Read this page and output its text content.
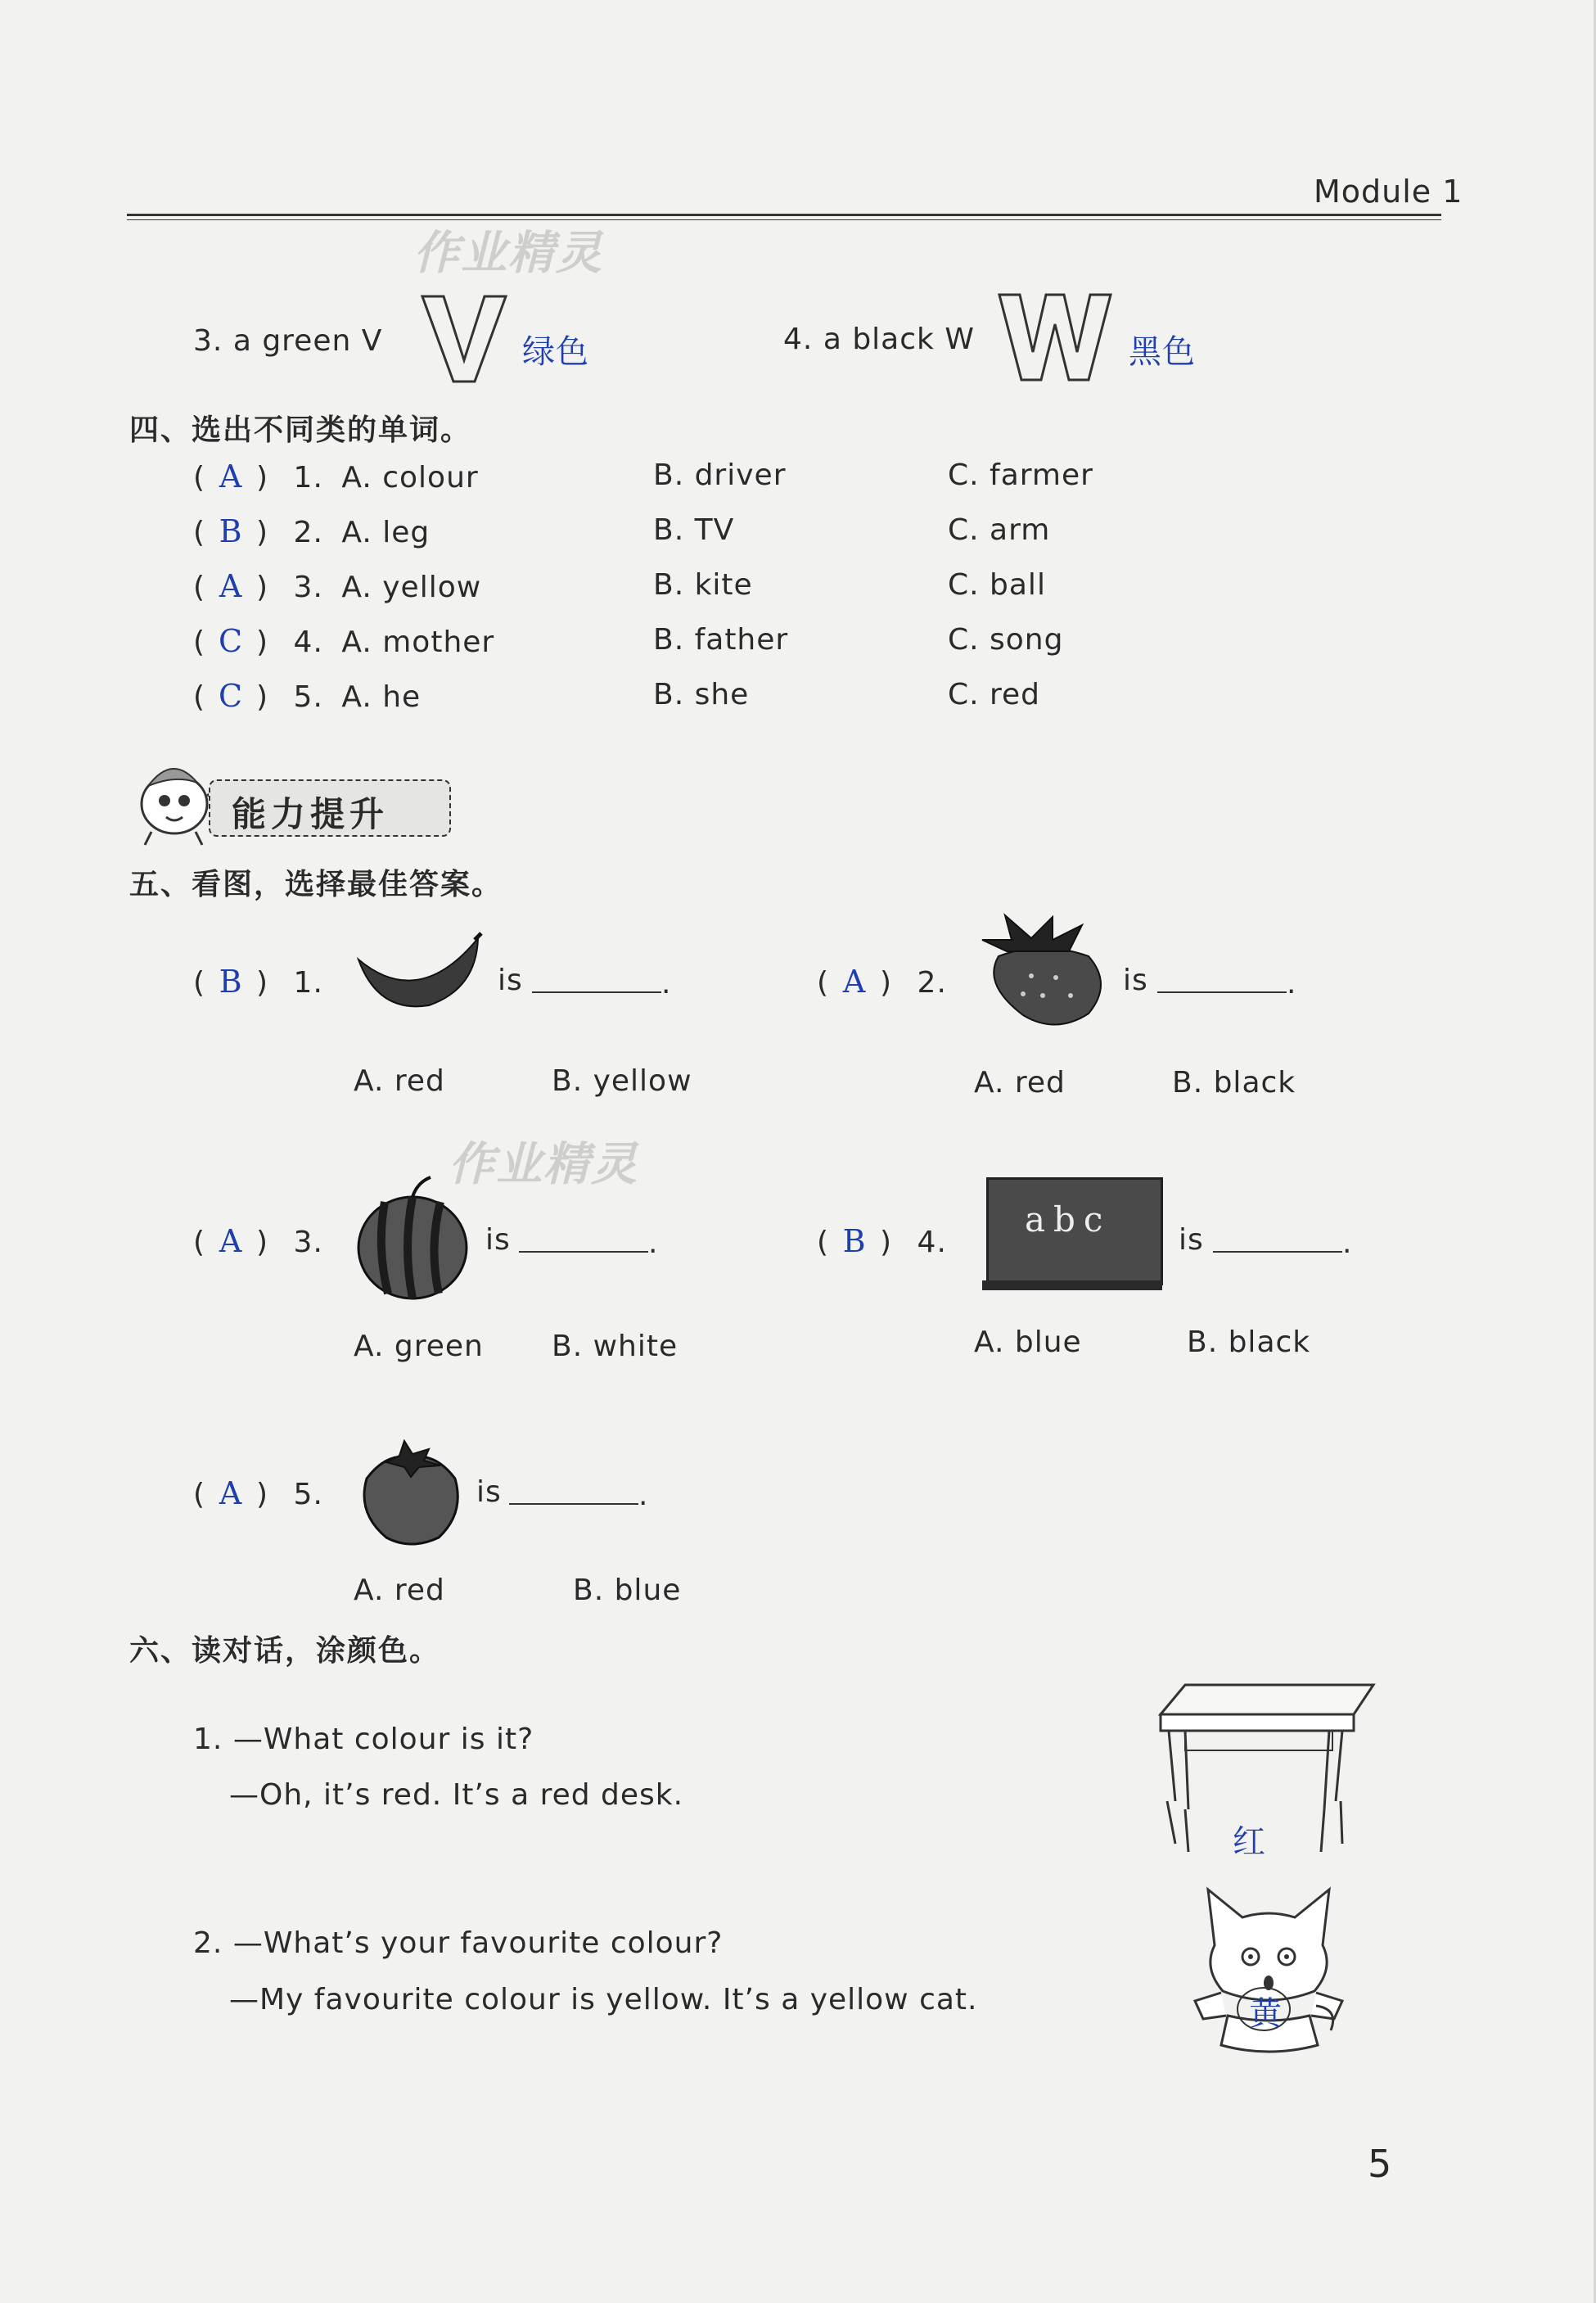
Module 1
作业精灵
3. a green V	绿色	4. a black W	黑色
四、选出不同类的单词。
( A ) 1. A. colour	B. driver	C. farmer
( B ) 2. A. leg	B. TV	C. arm
( A ) 3. A. yellow	B. kite	C. ball
( C ) 4. A. mother	B. father	C. song
( C ) 5. A. he	B. she	C. red
能力提升
五、看图，选择最佳答案。
( B ) 1.	is	.
A. red	B. yellow
( A ) 2.	is	.
A. red	B. black
作业精灵
( A ) 3.	is	.
A. green B. white
( B ) 4.
abc
is	.
A. blue	B. black
( A ) 5.	is	.
A. red	B. blue
六、读对话，涂颜色。
1. —What colour is it?
—Oh, it’s red. It’s a red desk.
红
2. —What’s your favourite colour?
—My favourite colour is yellow. It’s a yellow cat.	黄
5
